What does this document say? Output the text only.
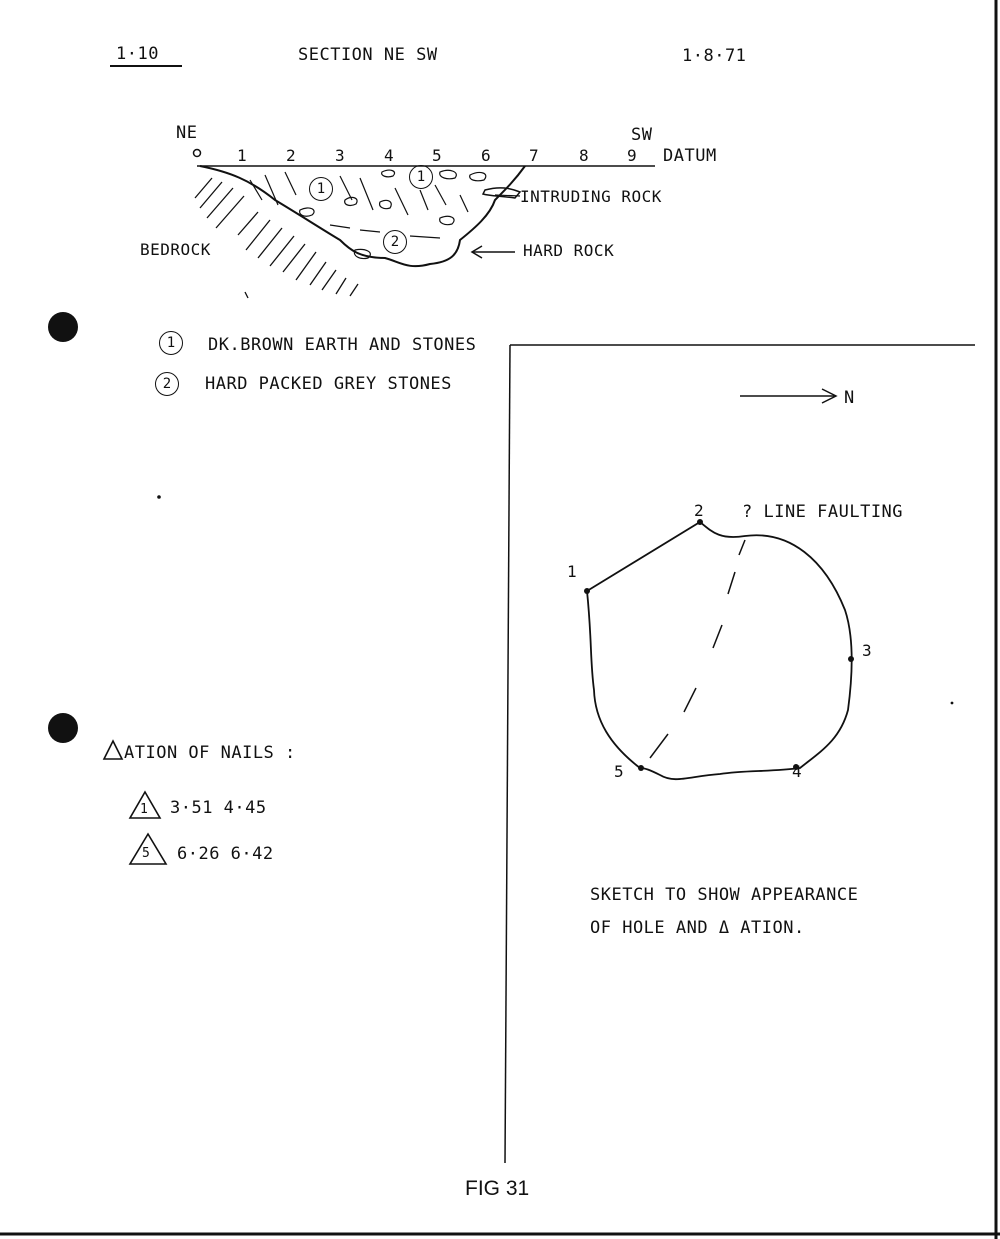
1·10	SECTION NE SW	1·8·71
NE	SW
DATUM
1 2 3 4 5 6 7 8 9
1
1
2
INTRUDING ROCK
HARD ROCK
BEDROCK
1	DK.BROWN EARTH AND STONES
2	HARD PACKED GREY STONES
ATION OF NAILS :
1 3·51 4·45
5 6·26 6·42
N
? LINE FAULTING
1
2
3
4
5
SKETCH TO SHOW APPEARANCE
OF HOLE AND Δ ATION.
FIG 31
